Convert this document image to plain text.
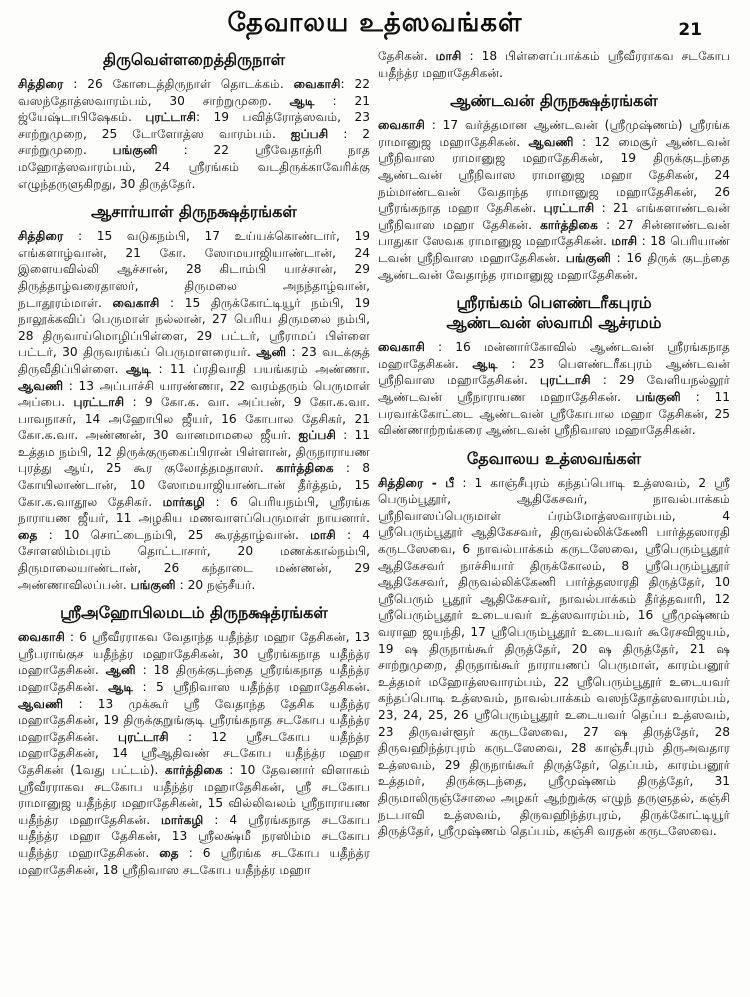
தேவாலய உத்ஸவங்கள்	21
திருவெள்ளறைத்திருநாள்
சித்திரை : 26 கோடைத்திருநாள் தொடக்கம். வைகாசி: 22 வஸந்தோத்ஸவாரம்பம், 30 சாற்றுமுறை. ஆடி : 21 ஜ்யேஷ்டாபிஷேகம். புரட்டாசி: 19 பவித்ரோத்ஸவம், 23 சாற்றுமுறை, 25 டோளோத்ஸ வாரம்பம். ஐப்பசி : 2 சாற்றுமுறை. பங்குனி : 22 ஸ்ரீவேதாத்ரி நாத மஹோத்ஸவாரம்பம், 24 ஸ்ரீரங்கம் வடதிருக்காவேரிக்கு எழுந்தருளுகிறது, 30 திருத்தேர்.
ஆசார்யாள் திருநக்ஷத்ரங்கள்
சித்திரை : 15 வடுகநம்பி, 17 உய்யக்கொண்டார், 19 எங்களாழ்வான், 21 கோ. ஸோமயாஜியாண்டான், 24 இளையவில்லி ஆச்சான், 28 கிடாம்பி யாச்சான், 29 திருத்தாழ்வரைதாஸர், திருமலை அநந்தாழ்வான், நடாதூரம்மாள். வைகாசி : 15 திருக்கோட்டியூர் நம்பி, 19 நாலூக்கவிப் பெருமாள் நல்லான், 27 பெரிய திருமலை நம்பி, 28 திருவாய்மொழிப்பிள்ளை, 29 பட்டர், ஸ்ரீராமப் பிள்ளை பட்டர், 30 திருவரங்கப் பெருமாளரையர். ஆனி : 23 வடக்குத் திருவீதிப்பிள்ளை. ஆடி : 11 ப்ரதிவாதி பயங்கரம் அண்ணா. ஆவணி : 13 அப்பாச்சி யாரண்ணா, 22 வரம்தரும் பெருமாள் அப்பை. புரட்டாசி : 9 கோ.க. வா. அப்பன், 9 கோ.க.வா. பாவநாசர், 14 அஹோபில ஜீயர், 16 கோபால தேசிகர், 21 கோ.க.வா. அண்ணன், 30 வானமாமலை ஜீயர். ஐப்பசி : 11 உத்தம நம்பி, 12 திருக்குருகைப்பிரான் பிள்ளான், திருநாராயண புரத்து ஆய், 25 கூர குலோத்தமதாஸர். கார்த்திகை : 8 கோயிலாண்டான், 10 ஸோமயாஜியாண்டான் தீர்த்தம், 15 கோ.க.வாதூல தேசிகர். மார்கழி : 6 பெரியநம்பி, ஸ்ரீரங்க நாராயண ஜீயர், 11 அழகிய மணவாளப்பெருமாள் நாயனார். தை : 10 சொட்டைநம்பி, 25 கூரத்தாழ்வான். மாசி : 4 சோளஸிம்மபுரம் தொட்டாசார், 20 மணக்கால்நம்பி, திருமாலையாண்டான், 26 கந்தாடை மண்ணன், 29 அண்ணாவிலப்பன். பங்குனி : 20 நஞ்சீயர்.
ஸ்ரீஅஹோபிலமடம் திருநக்ஷத்ரங்கள்
வைகாசி : 6 ஸ்ரீவீரராகவ வேதாந்த யதீந்த்ர மஹா தேசிகன், 13 ஸ்ரீபராங்குச யதீந்த்ர மஹாதேசிகன், 30 ஸ்ரீரங்கநாத யதீந்த்ர மஹாதேசிகன். ஆனி : 18 திருக்குடந்தை ஸ்ரீரங்கநாத யதீந்த்ர மஹாதேசிகன். ஆடி : 5 ஸ்ரீநிவாஸ யதீந்த்ர மஹாதேசிகன். ஆவணி : 13 முக்கூர் ஸ்ரீ வேதாந்த தேசிக யதீந்த்ர மஹாதேசிகன், 19 திருக்குறுங்குடி ஸ்ரீரங்கநாத சடகோப யதீந்த்ர மஹாதேசிகன். புரட்டாசி : 12 ஸ்ரீசடகோப யதீந்த்ர மஹாதேசிகன், 14 ஸ்ரீஆதிவண் சடகோப யதீந்த்ர மஹா தேசிகன் (1வது பட்டம்). கார்த்திகை : 10 தேவனார் விளாகம் ஸ்ரீவீரராகவ சடகோப யதீந்த்ர மஹாதேசிகன், ஸ்ரீ சடகோப ராமானுஜ யதீந்த்ர மஹாதேசிகன், 15 வில்லிவலம் ஸ்ரீநாராயண யதீந்த்ர மஹாதேசிகன். மார்கழி : 4 ஸ்ரீரங்கநாத சடகோப யதீந்த்ர மஹா தேசிகன், 13 ஸ்ரீலக்ஷ்மீ நரஸிம்ம சடகோப யதீந்த்ர மஹாதேசிகன். தை : 6 ஸ்ரீரங்க சடகோப யதீந்த்ர மஹாதேசிகன், 18 ஸ்ரீநிவாஸ சடகோப யதீந்த்ர மஹா
தேசிகன். மாசி : 18 பிள்ளைப்பாக்கம் ஸ்ரீவீரராகவ சடகோப யதீந்த்ர மஹாதேசிகன்.
ஆண்டவன் திருநக்ஷத்ரங்கள்
வைகாசி : 17 வர்த்தமான ஆண்டவன் (ஸ்ரீமுஷ்ணம்) ஸ்ரீரங்க ராமானுஜ மஹாதேசிகன். ஆவணி : 12 மைசூர் ஆண்டவன் ஸ்ரீநிவாஸ ராமானுஜ மஹாதேசிகன், 19 திருக்குடந்தை ஆண்டவன் ஸ்ரீநிவாஸ ராமானுஜ மஹா தேசிகன், 24 நம்மாண்டவன் வேதாந்த ராமானுஜ மஹாதேசிகன், 26 ஸ்ரீரங்கநாத மஹா தேசிகன். புரட்டாசி : 21 எங்களாண்டவன் ஸ்ரீநிவாஸ மஹா தேசிகன். கார்த்திகை : 27 சின்னாண்டவன் பாதுகா ஸேவக ராமானுஜ மஹாதேசிகன். மாசி : 18 பெரியாண் டவன் ஸ்ரீநிவாஸ மஹாதேசிகன். பங்குனி : 16 திருக் குடந்தை ஆண்டவன் வேதாந்த ராமானுஜ மஹாதேசிகன்.
ஸ்ரீரங்கம் பௌண்டரீகபுரம்
ஆண்டவன் ஸ்வாமி ஆச்ரமம்
வைகாசி : 16 மன்னார்கோவில் ஆண்டவன் ஸ்ரீரங்கநாத மஹாதேசிகன். ஆடி : 23 பௌண்டரீகபுரம் ஆண்டவன் ஸ்ரீநிவாஸ மஹாதேசிகன். புரட்டாசி : 29 வேளியநல்லூர் ஆண்டவன் ஸ்ரீநாராயண மஹாதேசிகன். பங்குனி : 11 பரவாக்கோட்டை ஆண்டவன் ஸ்ரீகோபால மஹா தேசிகன், 25 விண்ணாற்றங்கரை ஆண்டவன் ஸ்ரீநிவாஸ மஹாதேசிகன்.
தேவாலய உத்ஸவங்கள்
சித்திரை - பீ : 1 காஞ்சீபுரம் கந்தப்பொடி உத்ஸவம், 2 ஸ்ரீ பெரும்பூதூர், ஆதிகேசவர், நாவல்பாக்கம் ஸ்ரீநிவாஸப்பெருமாள் ப்ரம்மோத்ஸவாரம்பம், 4 ஸ்ரீபெரும்பூதூர் ஆதிகேசவர், திருவல்லிக்கேணி பார்த்தஸாரதி கருடஸேவை, 6 நாவல்பாக்கம் கருடஸேவை, ஸ்ரீபெரும்பூதூர் ஆதிகேசவர் நாச்சியார் திருக்கோலம், 8 ஸ்ரீபெரும்பூதூர் ஆதிகேசவர், திருவல்லிக்கேணி பார்த்தஸாரதி திருத்தேர், 10 ஸ்ரீபெரும் பூதூர் ஆதிகேசவர், நாவல்பாக்கம் தீர்த்தவாரி, 12 ஸ்ரீபெரும்பூதூர் உடையவர் உத்ஸவாரம்பம், 16 ஸ்ரீமுஷ்ணம் வராஹ ஜயந்தி, 17 ஸ்ரீபெரும்பூதூர் உடையவர் கூரேசவிஜயம், 19 ஷ திருநாங்கூர் திருத்தேர், 20 ஷ திருத்தேர், 21 ஷ சாற்றுமுறை, திருநாங்கூர் நாராயணப் பெருமாள், காரம்பனூர் உத்தமர் மஹோத்ஸவாரம்பம், 22 ஸ்ரீபெரும்பூதூர் உடையவர் கந்தப்பொடி உத்ஸவம், நாவல்பாக்கம் வஸந்தோத்ஸவாரம்பம், 23, 24, 25, 26 ஸ்ரீபெரும்பூதூர் உடையவர் தெப்ப உத்ஸவம், 23 திருவள்ளூர் கருடஸேவை, 27 ஷ திருத்தேர், 28 திருவஹிந்த்ரபுரம் கருடஸேவை, 28 காஞ்சீபுரம் திருஅவதார உத்ஸவம், 29 திருநாங்கூர் திருத்தேர், தெப்பம், காரம்பனூர் உத்தமர், திருக்குடந்தை, ஸ்ரீமுஷ்ணம் திருத்தேர், 31 திருமாலிருஞ்சோலை அழகர் ஆற்றுக்கு எழுந் தருளுதல், கஞ்சி நடபாவி உத்ஸவம், திருவஹிந்த்ரபுரம், திருக்கோட்டியூர் திருத்தேர், ஸ்ரீமுஷ்ணம் தெப்பம், கஞ்சி வரதன் கருடஸேவை.
